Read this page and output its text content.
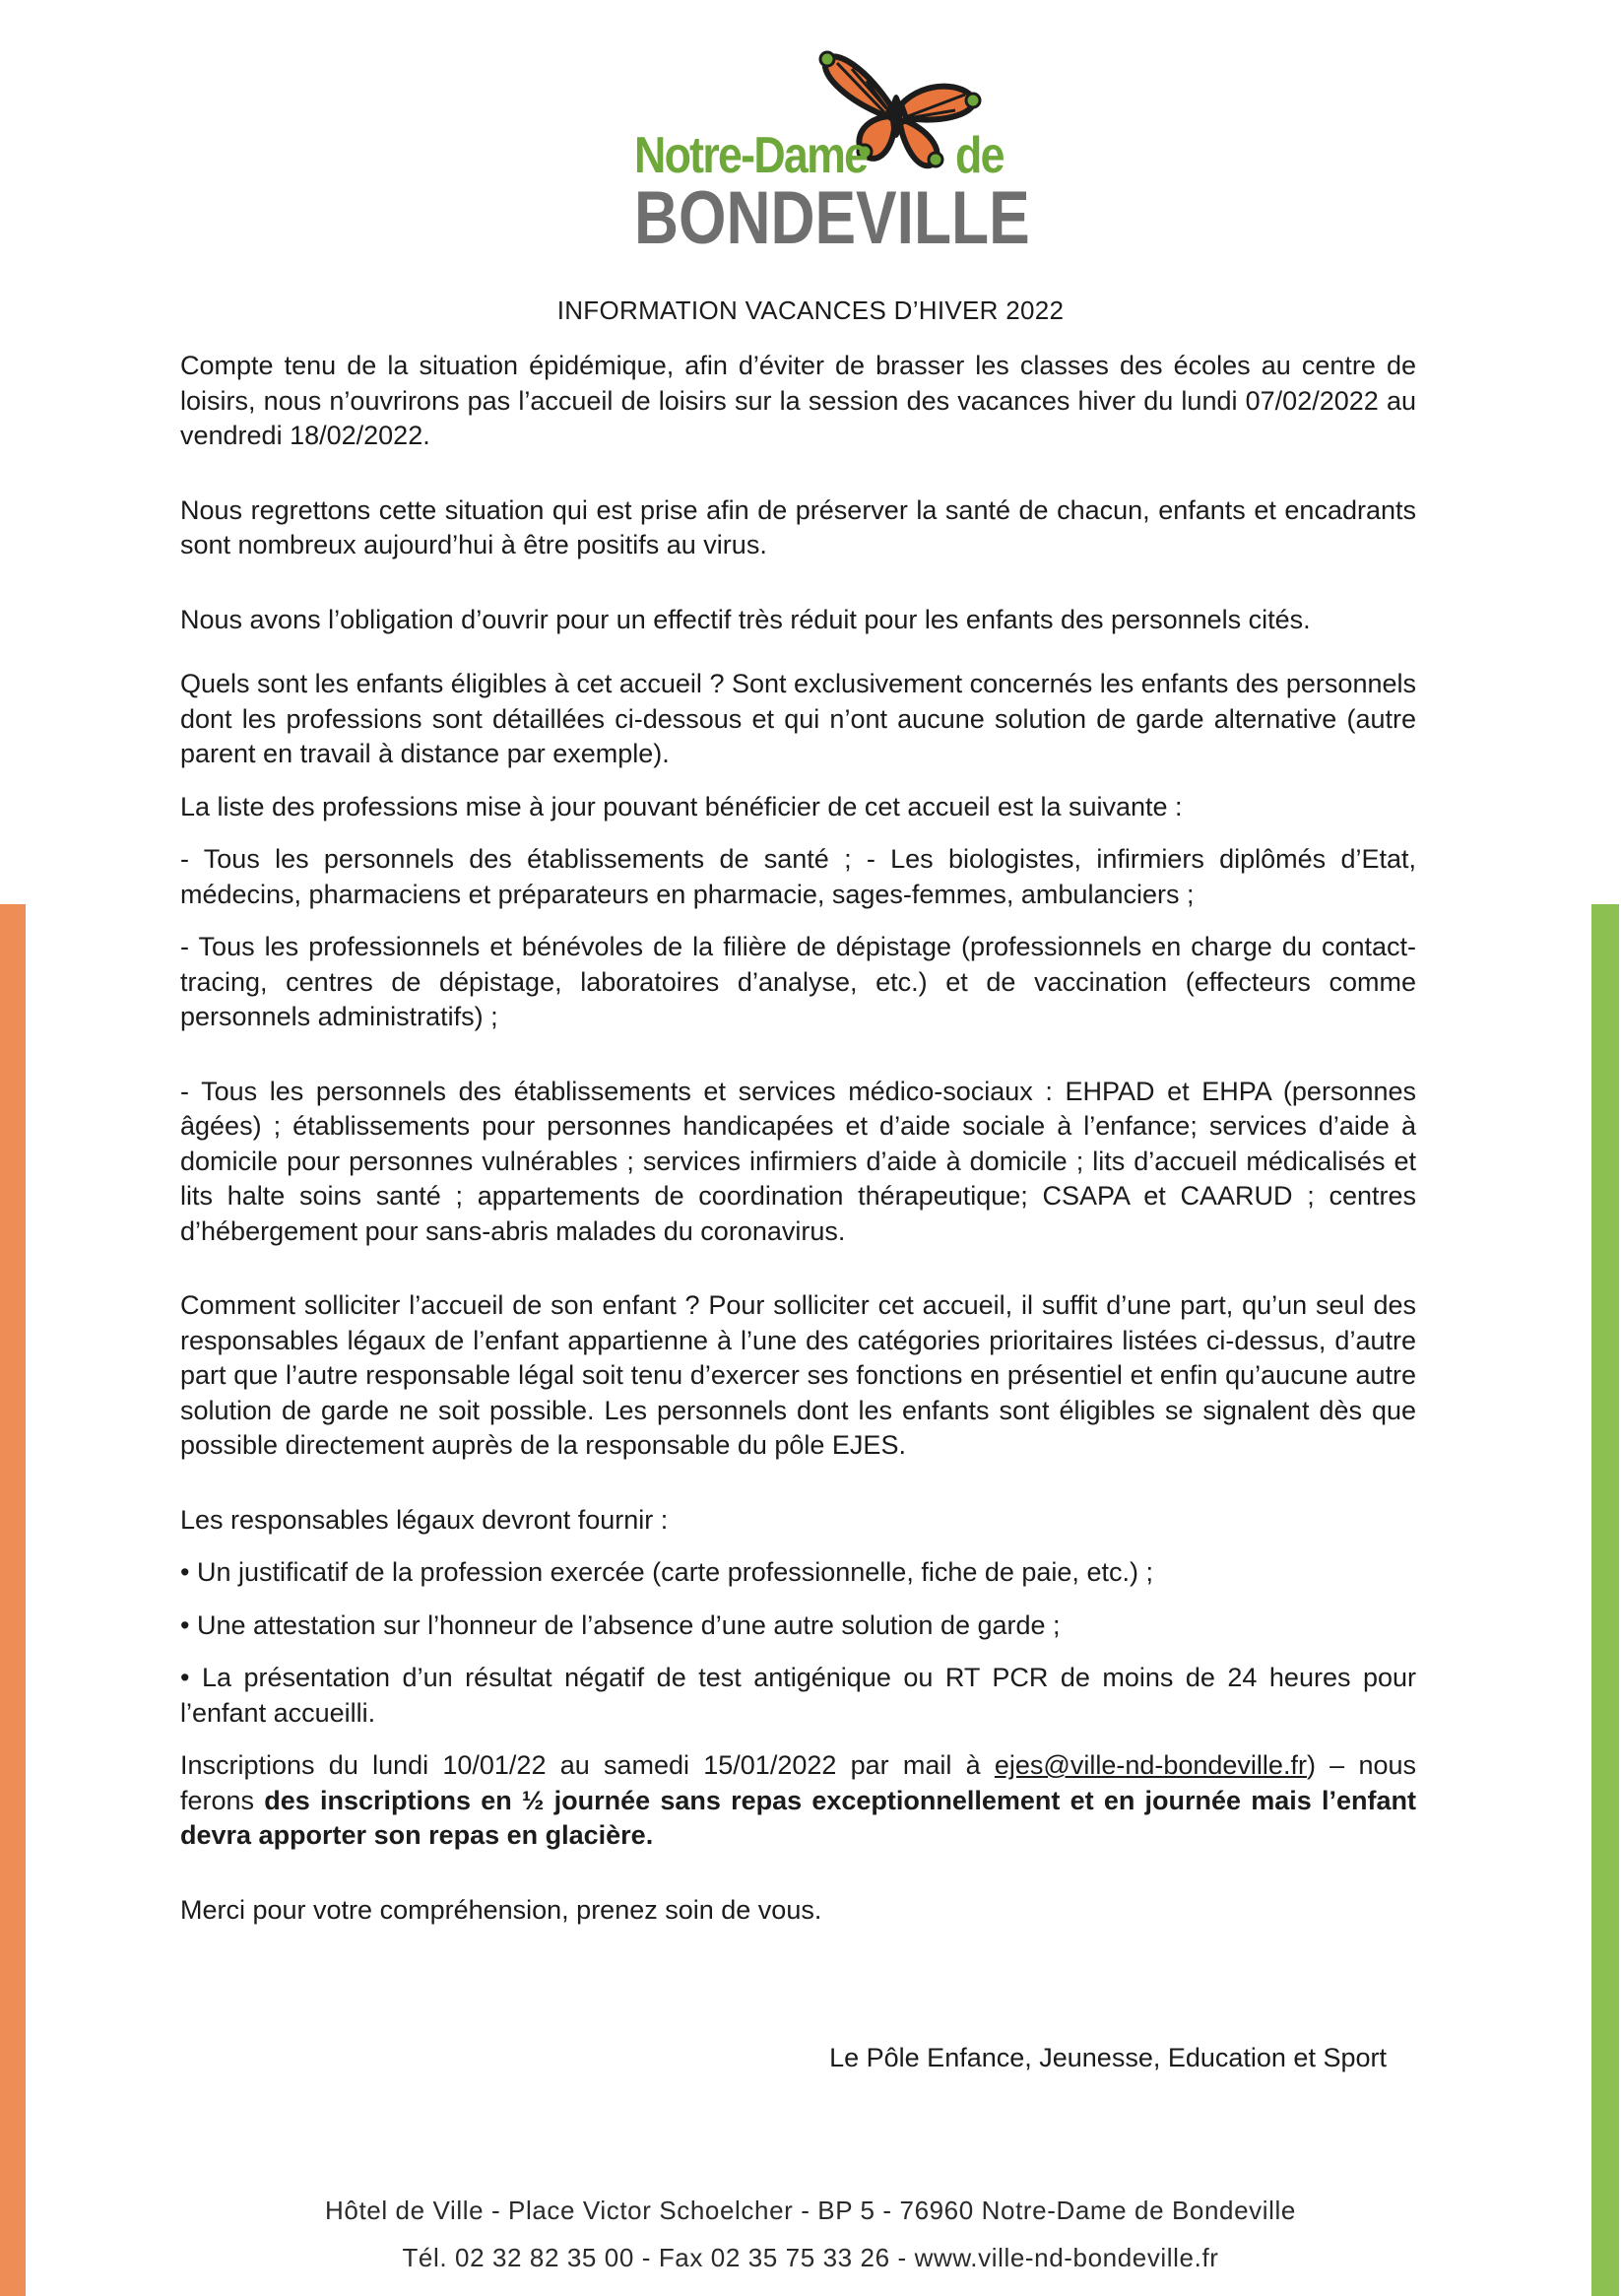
Notre-Dame de
BONDEVILLE
INFORMATION VACANCES D’HIVER 2022

Compte tenu de la situation épidémique, afin d’éviter de brasser les classes des écoles au centre de loisirs, nous n’ouvrirons pas l’accueil de loisirs sur la session des vacances hiver du lundi 07/02/2022 au vendredi 18/02/2022.

Nous regrettons cette situation qui est prise afin de préserver la santé de chacun, enfants et encadrants sont nombreux aujourd’hui à être positifs au virus.

Nous avons l’obligation d’ouvrir pour un effectif très réduit pour les enfants des personnels cités.

Quels sont les enfants éligibles à cet accueil ? Sont exclusivement concernés les enfants des personnels dont les professions sont détaillées ci-dessous et qui n’ont aucune solution de garde alternative (autre parent en travail à distance par exemple).

La liste des professions mise à jour pouvant bénéficier de cet accueil est la suivante :

- Tous les personnels des établissements de santé ; - Les biologistes, infirmiers diplômés d’Etat, médecins, pharmaciens et préparateurs en pharmacie, sages-femmes, ambulanciers ;

- Tous les professionnels et bénévoles de la filière de dépistage (professionnels en charge du contact-tracing, centres de dépistage, laboratoires d’analyse, etc.) et de vaccination (effecteurs comme personnels administratifs) ;

- Tous les personnels des établissements et services médico-sociaux : EHPAD et EHPA (personnes âgées) ; établissements pour personnes handicapées et d’aide sociale à l’enfance; services d’aide à domicile pour personnes vulnérables ; services infirmiers d’aide à domicile ; lits d’accueil médicalisés et lits halte soins santé ; appartements de coordination thérapeutique; CSAPA et CAARUD ; centres d’hébergement pour sans-abris malades du coronavirus.

Comment solliciter l’accueil de son enfant ? Pour solliciter cet accueil, il suffit d’une part, qu’un seul des responsables légaux de l’enfant appartienne à l’une des catégories prioritaires listées ci-dessus, d’autre part que l’autre responsable légal soit tenu d’exercer ses fonctions en présentiel et enfin qu’aucune autre solution de garde ne soit possible. Les personnels dont les enfants sont éligibles se signalent dès que possible directement auprès de la responsable du pôle EJES.

Les responsables légaux devront fournir :

• Un justificatif de la profession exercée (carte professionnelle, fiche de paie, etc.) ;

• Une attestation sur l’honneur de l’absence d’une autre solution de garde ;

• La présentation d’un résultat négatif de test antigénique ou RT PCR de moins de 24 heures pour l’enfant accueilli.

Inscriptions du lundi 10/01/22 au samedi 15/01/2022 par mail à ejes@ville-nd-bondeville.fr) – nous ferons des inscriptions en ½ journée sans repas exceptionnellement et en journée mais l’enfant devra apporter son repas en glacière.

Merci pour votre compréhension, prenez soin de vous.

Le Pôle Enfance, Jeunesse, Education et Sport
Hôtel de Ville - Place Victor Schoelcher - BP 5 - 76960 Notre-Dame de Bondeville
Tél. 02 32 82 35 00 - Fax 02 35 75 33 26 - www.ville-nd-bondeville.fr
